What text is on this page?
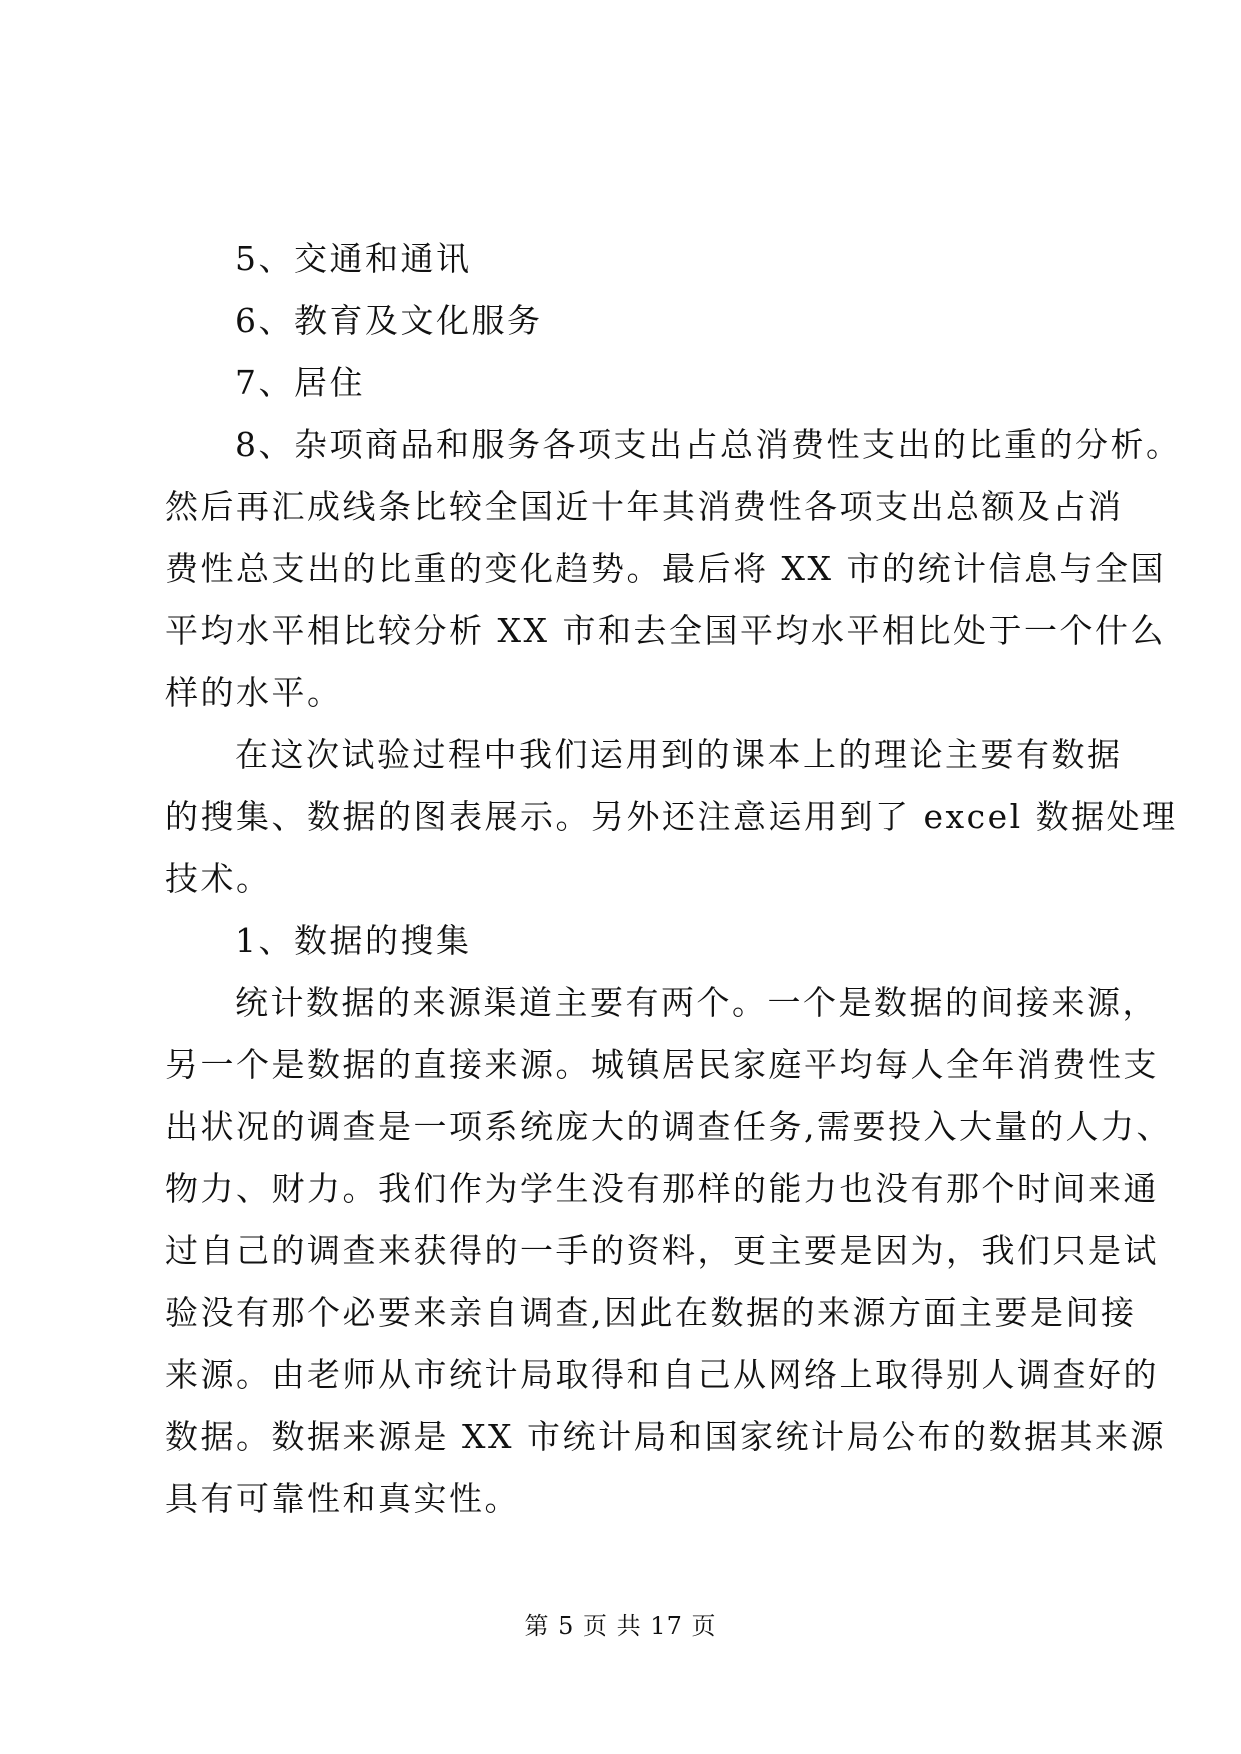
5、交通和通讯
6、教育及文化服务
7、居住
8、杂项商品和服务各项支出占总消费性支出的比重的分析。
然后再汇成线条比较全国近十年其消费性各项支出总额及占消
费性总支出的比重的变化趋势。最后将 XX 市的统计信息与全国
平均水平相比较分析 XX 市和去全国平均水平相比处于一个什么
样的水平。
在这次试验过程中我们运用到的课本上的理论主要有数据
的搜集、数据的图表展示。另外还注意运用到了 excel 数据处理
技术。
1、数据的搜集
统计数据的来源渠道主要有两个。一个是数据的间接来源，
另一个是数据的直接来源。城镇居民家庭平均每人全年消费性支
出状况的调查是一项系统庞大的调查任务,需要投入大量的人力、
物力、财力。我们作为学生没有那样的能力也没有那个时间来通
过自己的调查来获得的一手的资料，更主要是因为，我们只是试
验没有那个必要来亲自调查,因此在数据的来源方面主要是间接
来源。由老师从市统计局取得和自己从网络上取得别人调查好的
数据。数据来源是 XX 市统计局和国家统计局公布的数据其来源
具有可靠性和真实性。
第 5 页 共 17 页
